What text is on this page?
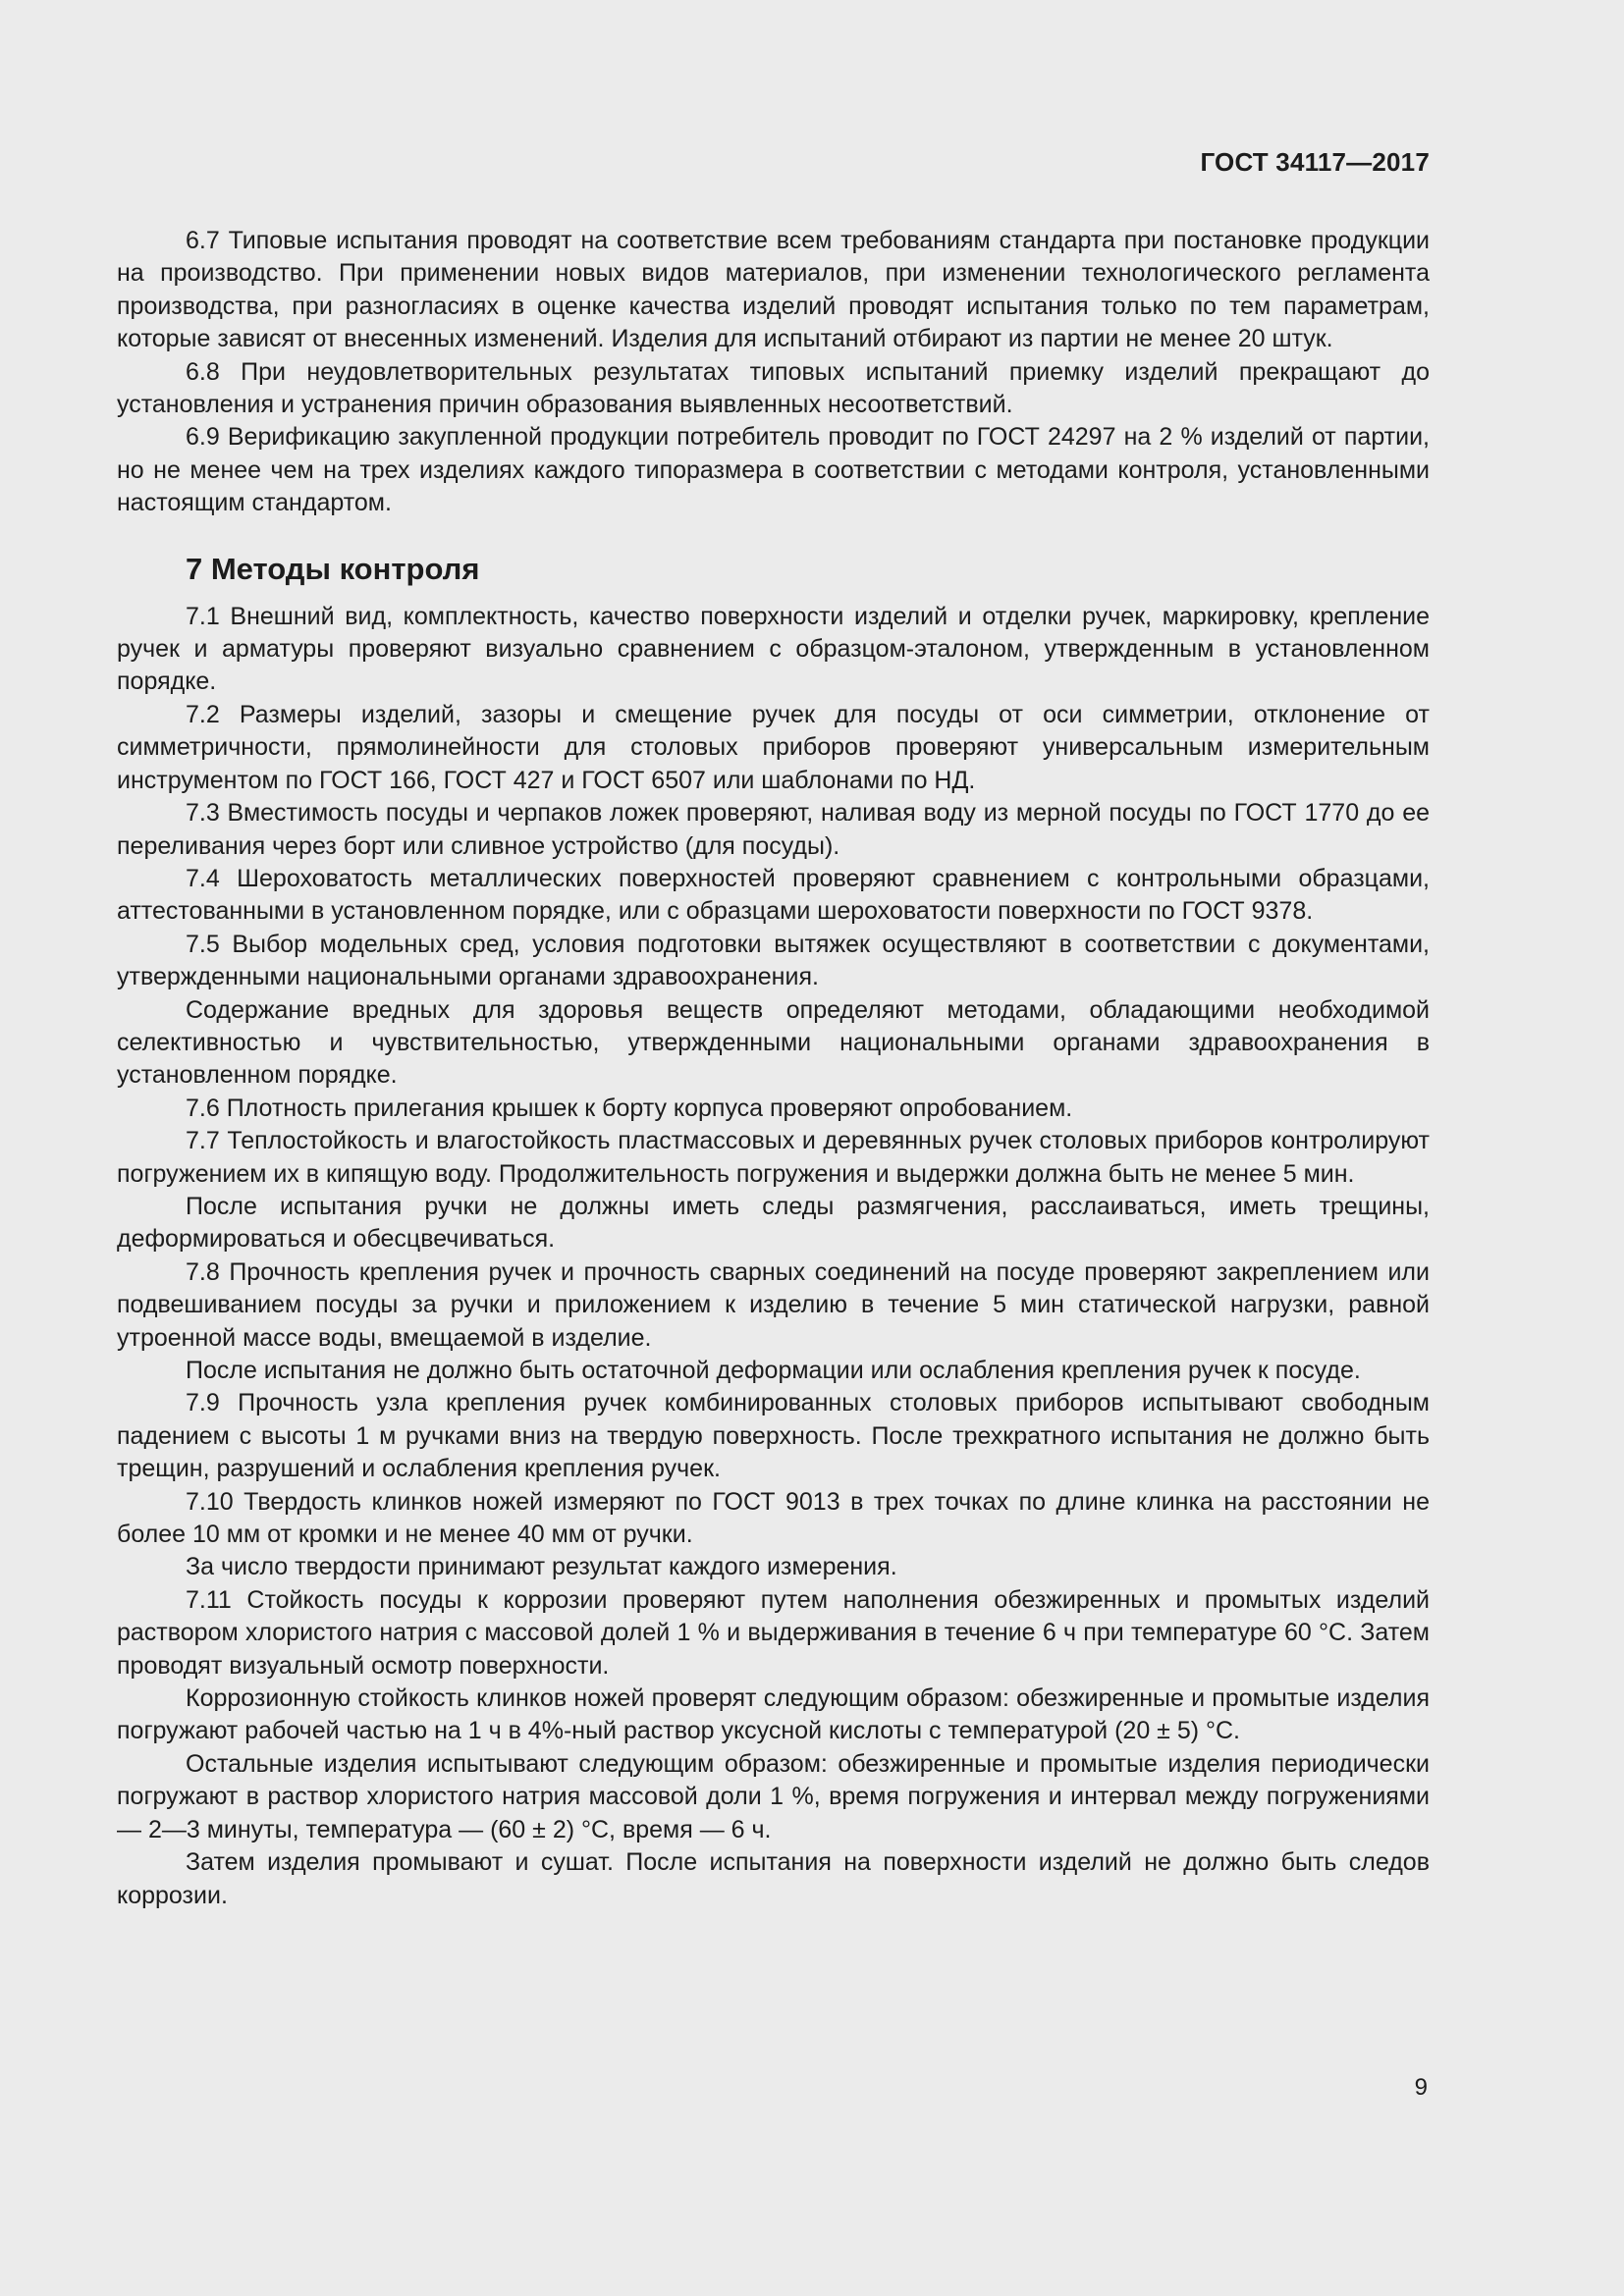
ГОСТ 34117—2017

6.7 Типовые испытания проводят на соответствие всем требованиям стандарта при постановке продукции на производство. При применении новых видов материалов, при изменении технологического регламента производства, при разногласиях в оценке качества изделий проводят испытания только по тем параметрам, которые зависят от внесенных изменений. Изделия для испытаний отбирают из партии не менее 20 штук.

6.8 При неудовлетворительных результатах типовых испытаний приемку изделий прекращают до установления и устранения причин образования выявленных несоответствий.

6.9 Верификацию закупленной продукции потребитель проводит по ГОСТ 24297 на 2 % изделий от партии, но не менее чем на трех изделиях каждого типоразмера в соответствии с методами контроля, установленными настоящим стандартом.

7 Методы контроля

7.1 Внешний вид, комплектность, качество поверхности изделий и отделки ручек, маркировку, крепление ручек и арматуры проверяют визуально сравнением с образцом-эталоном, утвержденным в установленном порядке.

7.2 Размеры изделий, зазоры и смещение ручек для посуды от оси симметрии, отклонение от симметричности, прямолинейности для столовых приборов проверяют универсальным измерительным инструментом по ГОСТ 166, ГОСТ 427 и ГОСТ 6507 или шаблонами по НД.

7.3 Вместимость посуды и черпаков ложек проверяют, наливая воду из мерной посуды по ГОСТ 1770 до ее переливания через борт или сливное устройство (для посуды).

7.4 Шероховатость металлических поверхностей проверяют сравнением с контрольными образцами, аттестованными в установленном порядке, или с образцами шероховатости поверхности по ГОСТ 9378.

7.5 Выбор модельных сред, условия подготовки вытяжек осуществляют в соответствии с документами, утвержденными национальными органами здравоохранения.

Содержание вредных для здоровья веществ определяют методами, обладающими необходимой селективностью и чувствительностью, утвержденными национальными органами здравоохранения в установленном порядке.

7.6 Плотность прилегания крышек к борту корпуса проверяют опробованием.

7.7 Теплостойкость и влагостойкость пластмассовых и деревянных ручек столовых приборов контролируют погружением их в кипящую воду. Продолжительность погружения и выдержки должна быть не менее 5 мин.

После испытания ручки не должны иметь следы размягчения, расслаиваться, иметь трещины, деформироваться и обесцвечиваться.

7.8 Прочность крепления ручек и прочность сварных соединений на посуде проверяют закреплением или подвешиванием посуды за ручки и приложением к изделию в течение 5 мин статической нагрузки, равной утроенной массе воды, вмещаемой в изделие.

После испытания не должно быть остаточной деформации или ослабления крепления ручек к посуде.

7.9 Прочность узла крепления ручек комбинированных столовых приборов испытывают свободным падением с высоты 1 м ручками вниз на твердую поверхность. После трехкратного испытания не должно быть трещин, разрушений и ослабления крепления ручек.

7.10 Твердость клинков ножей измеряют по ГОСТ 9013 в трех точках по длине клинка на расстоянии не более 10 мм от кромки и не менее 40 мм от ручки.

За число твердости принимают результат каждого измерения.

7.11 Стойкость посуды к коррозии проверяют путем наполнения обезжиренных и промытых изделий раствором хлористого натрия с массовой долей 1 % и выдерживания в течение 6 ч при температуре 60 °С. Затем проводят визуальный осмотр поверхности.

Коррозионную стойкость клинков ножей проверят следующим образом: обезжиренные и промытые изделия погружают рабочей частью на 1 ч в 4%-ный раствор уксусной кислоты с температурой (20 ± 5) °С.

Остальные изделия испытывают следующим образом: обезжиренные и промытые изделия периодически погружают в раствор хлористого натрия массовой доли 1 %, время погружения и интервал между погружениями — 2—3 минуты, температура — (60 ± 2) °С, время — 6 ч.

Затем изделия промывают и сушат. После испытания на поверхности изделий не должно быть следов коррозии.

9
